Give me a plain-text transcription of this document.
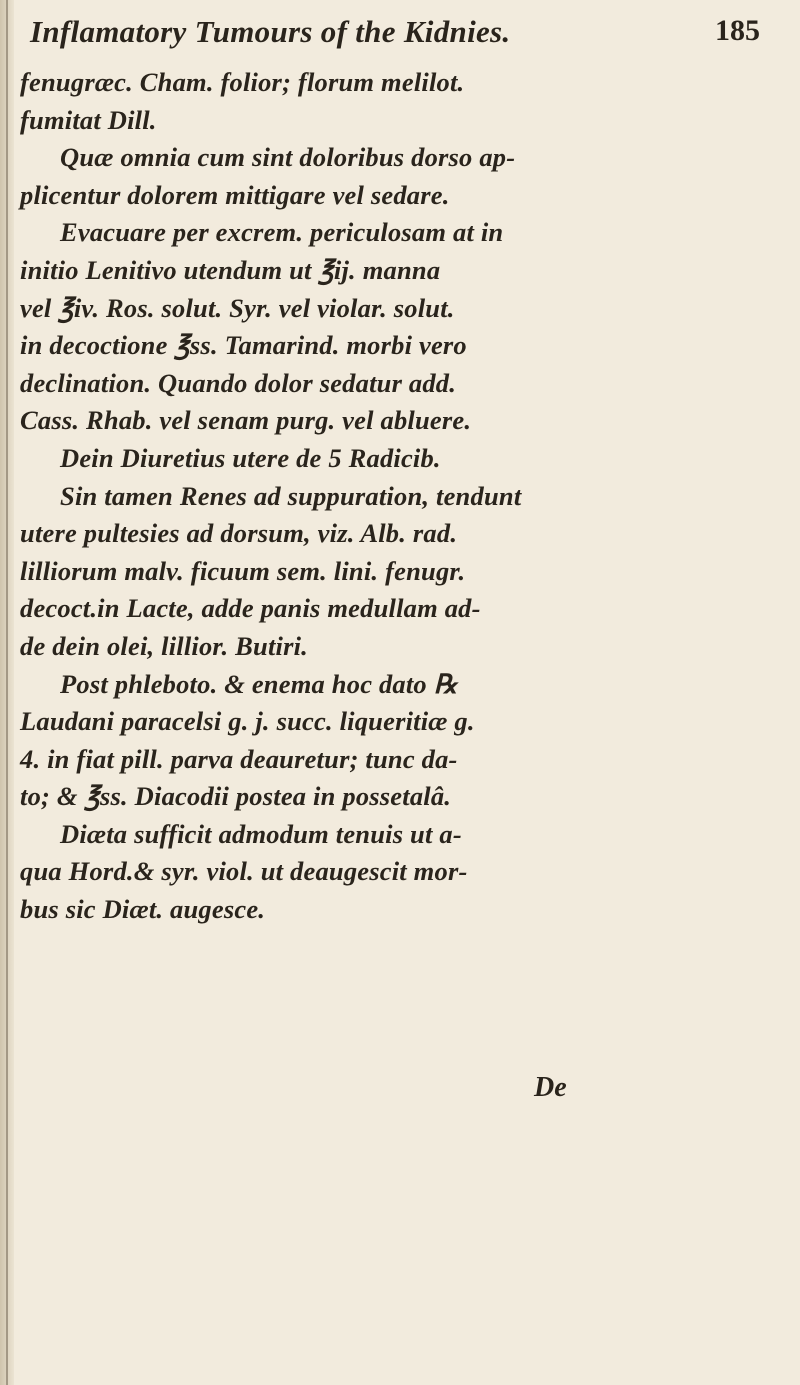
Inflamatory Tumours of the Kidnies.	185
fenugræc. Cham. folior; florum melilot.
fumitat Dill.
Quæ omnia cum sint doloribus dorso ap-
plicentur dolorem mittigare vel sedare.
Evacuare per excrem. periculosam at in
initio Lenitivo utendum ut ℥ij. manna
vel ℥iv. Ros. solut. Syr. vel violar. solut.
in decoctione ℥ss. Tamarind. morbi vero
declination. Quando dolor sedatur add.
Cass. Rhab. vel senam purg. vel abluere.
Dein Diuretius utere de 5 Radicib.
Sin tamen Renes ad suppuration, tendunt
utere pultesies ad dorsum, viz. Alb. rad.
lilliorum malv. ficuum sem. lini. fenugr.
decoct.in Lacte, adde panis medullam ad-
de dein olei, lillior. Butiri.
Post phleboto. & enema hoc dato ℞
Laudani paracelsi g. j. succ. liqueritiæ g.
4. in fiat pill. parva deauretur; tunc da-
to; & ℥ss. Diacodii postea in possetalâ.
Diæta sufficit admodum tenuis ut a-
qua Hord.& syr. viol. ut deaugescit mor-
bus sic Diæt. augesce.
De
